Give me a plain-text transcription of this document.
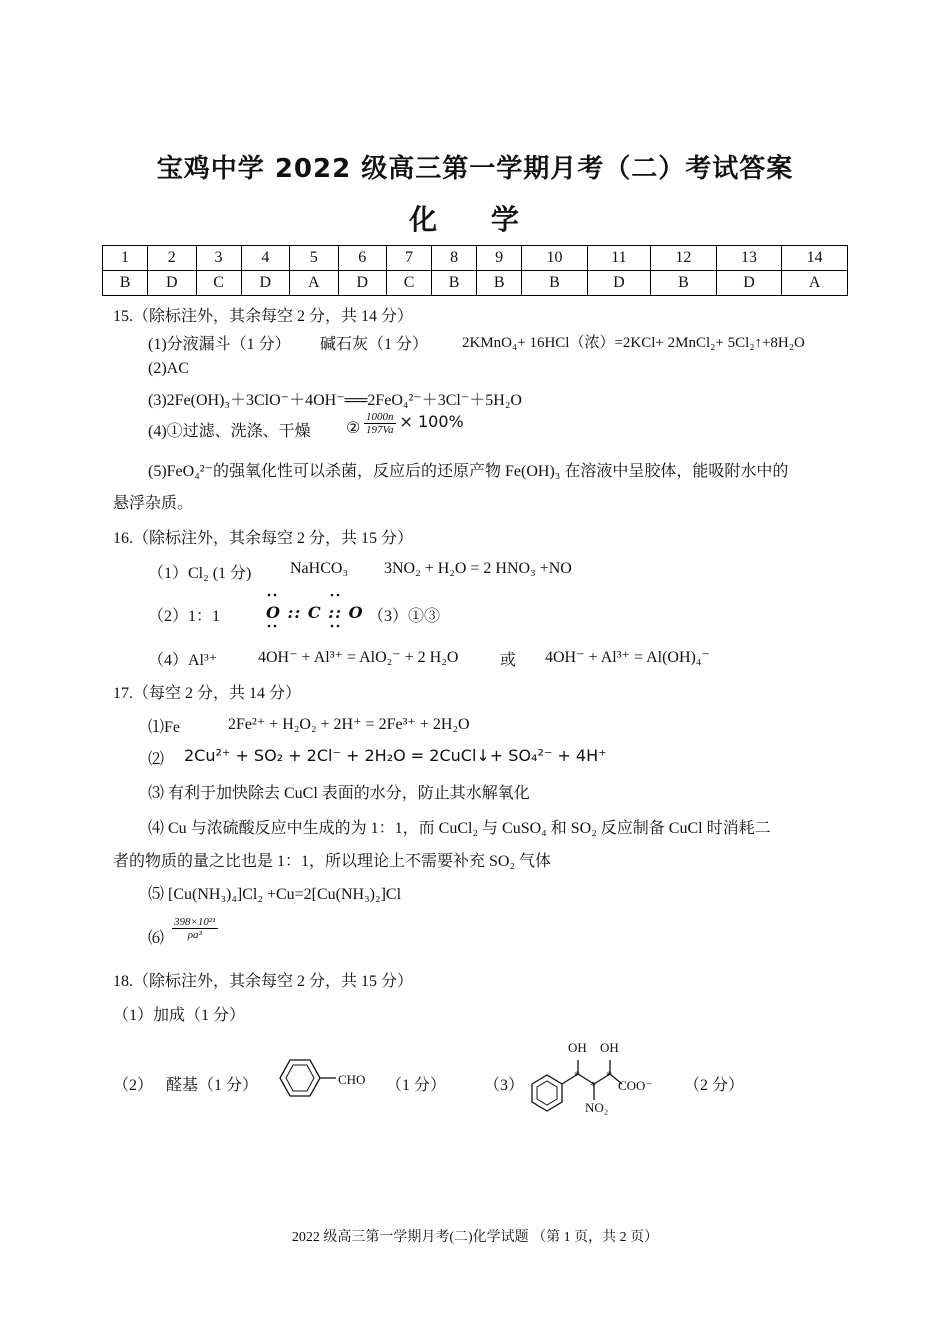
宝鸡中学 2022 级高三第一学期月考（二）考试答案
化 学
1	2	3	4	5	6	7	8	9	10	11	12	13	14
B	D	C	D	A	D	C	B	B	B	D	B	D	A
15.（除标注外，其余每空 2 分，共 14 分）
(1)分液漏斗（1 分） 碱石灰（1 分） 2KMnO₄+ 16HCl（浓）=2KCl+ 2MnCl₂+ 5Cl₂↑+8H₂O
(2)AC
(3)2Fe(OH)₃＋3ClO⁻＋4OH⁻══2FeO₄²⁻＋3Cl⁻＋5H₂O
(4)①过滤、洗涤、干燥 ② $\frac{1000n}{197Va} \times 100\%$
(5)FeO₄²⁻的强氧化性可以杀菌，反应后的还原产物 Fe(OH)₃ 在溶液中呈胶体，能吸附水中的
悬浮杂质。
16.（除标注外，其余每空 2 分，共 15 分）
（1）Cl₂ (1 分) NaHCO₃ 3NO₂ + H₂O = 2 HNO₃ +NO
（2）1：1	O :: C :: O （3）①③
（4）Al³⁺	4OH⁻ + Al³⁺ = AlO₂⁻ + 2 H₂O	或 4OH⁻ + Al³⁺ = Al(OH)₄⁻
17.（每空 2 分，共 14 分）
⑴Fe	2Fe²⁺ + H₂O₂ + 2H⁺ = 2Fe³⁺ + 2H₂O
⑵ 2Cu²⁺ + SO₂ + 2Cl⁻ + 2H₂O = 2CuCl↓+ SO₄²⁻ + 4H⁺
⑶ 有利于加快除去 CuCl 表面的水分，防止其水解氧化
⑷ Cu 与浓硫酸反应中生成的为 1：1，而 CuCl₂ 与 CuSO₄ 和 SO₂ 反应制备 CuCl 时消耗二
者的物质的量之比也是 1：1，所以理论上不需要补充 SO₂ 气体
⑸ [Cu(NH₃)₄]Cl₂ +Cu=2[Cu(NH₃)₂]Cl
⑹ $\frac{\text{398×10²¹}}{\text{ρa³}}$
18.（除标注外，其余每空 2 分，共 15 分）
（1）加成（1 分）
（2） 醛基（1 分）	CHO （1 分） （3）
OH OH
*
*
*
COO⁻
NO₂
（2 分）
2022 级高三第一学期月考(二)化学试题 （第 1 页，共 2 页）
